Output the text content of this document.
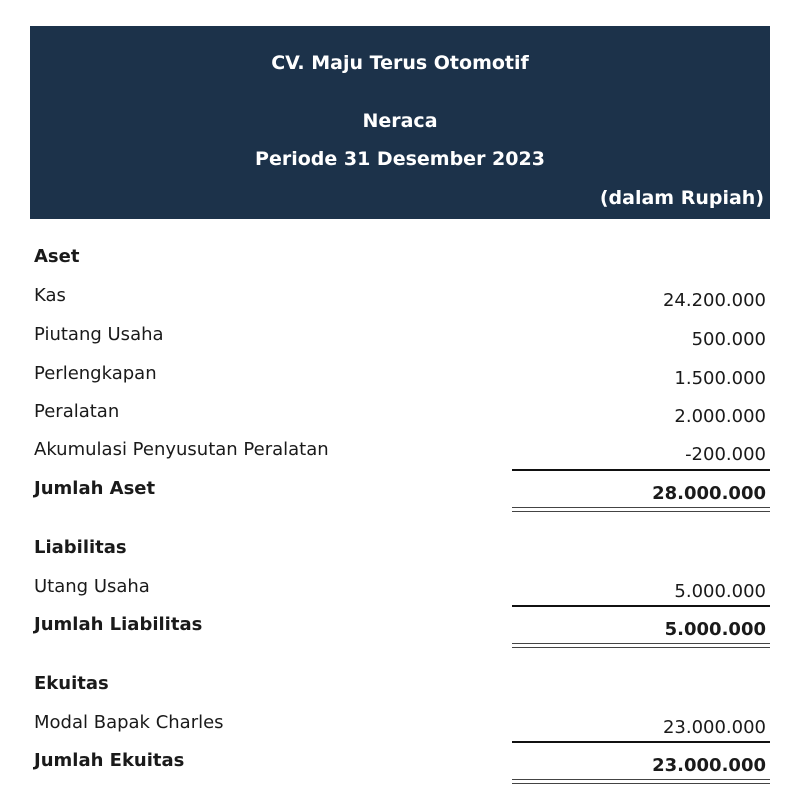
CV. Maju Terus Otomotif
Neraca
Periode 31 Desember 2023
(dalam Rupiah)
Aset
Kas	24.200.000
Piutang Usaha	500.000
Perlengkapan	1.500.000
Peralatan	2.000.000
Akumulasi Penyusutan Peralatan	-200.000
Jumlah Aset	28.000.000
Liabilitas
Utang Usaha	5.000.000
Jumlah Liabilitas	5.000.000
Ekuitas
Modal Bapak Charles	23.000.000
Jumlah Ekuitas	23.000.000
